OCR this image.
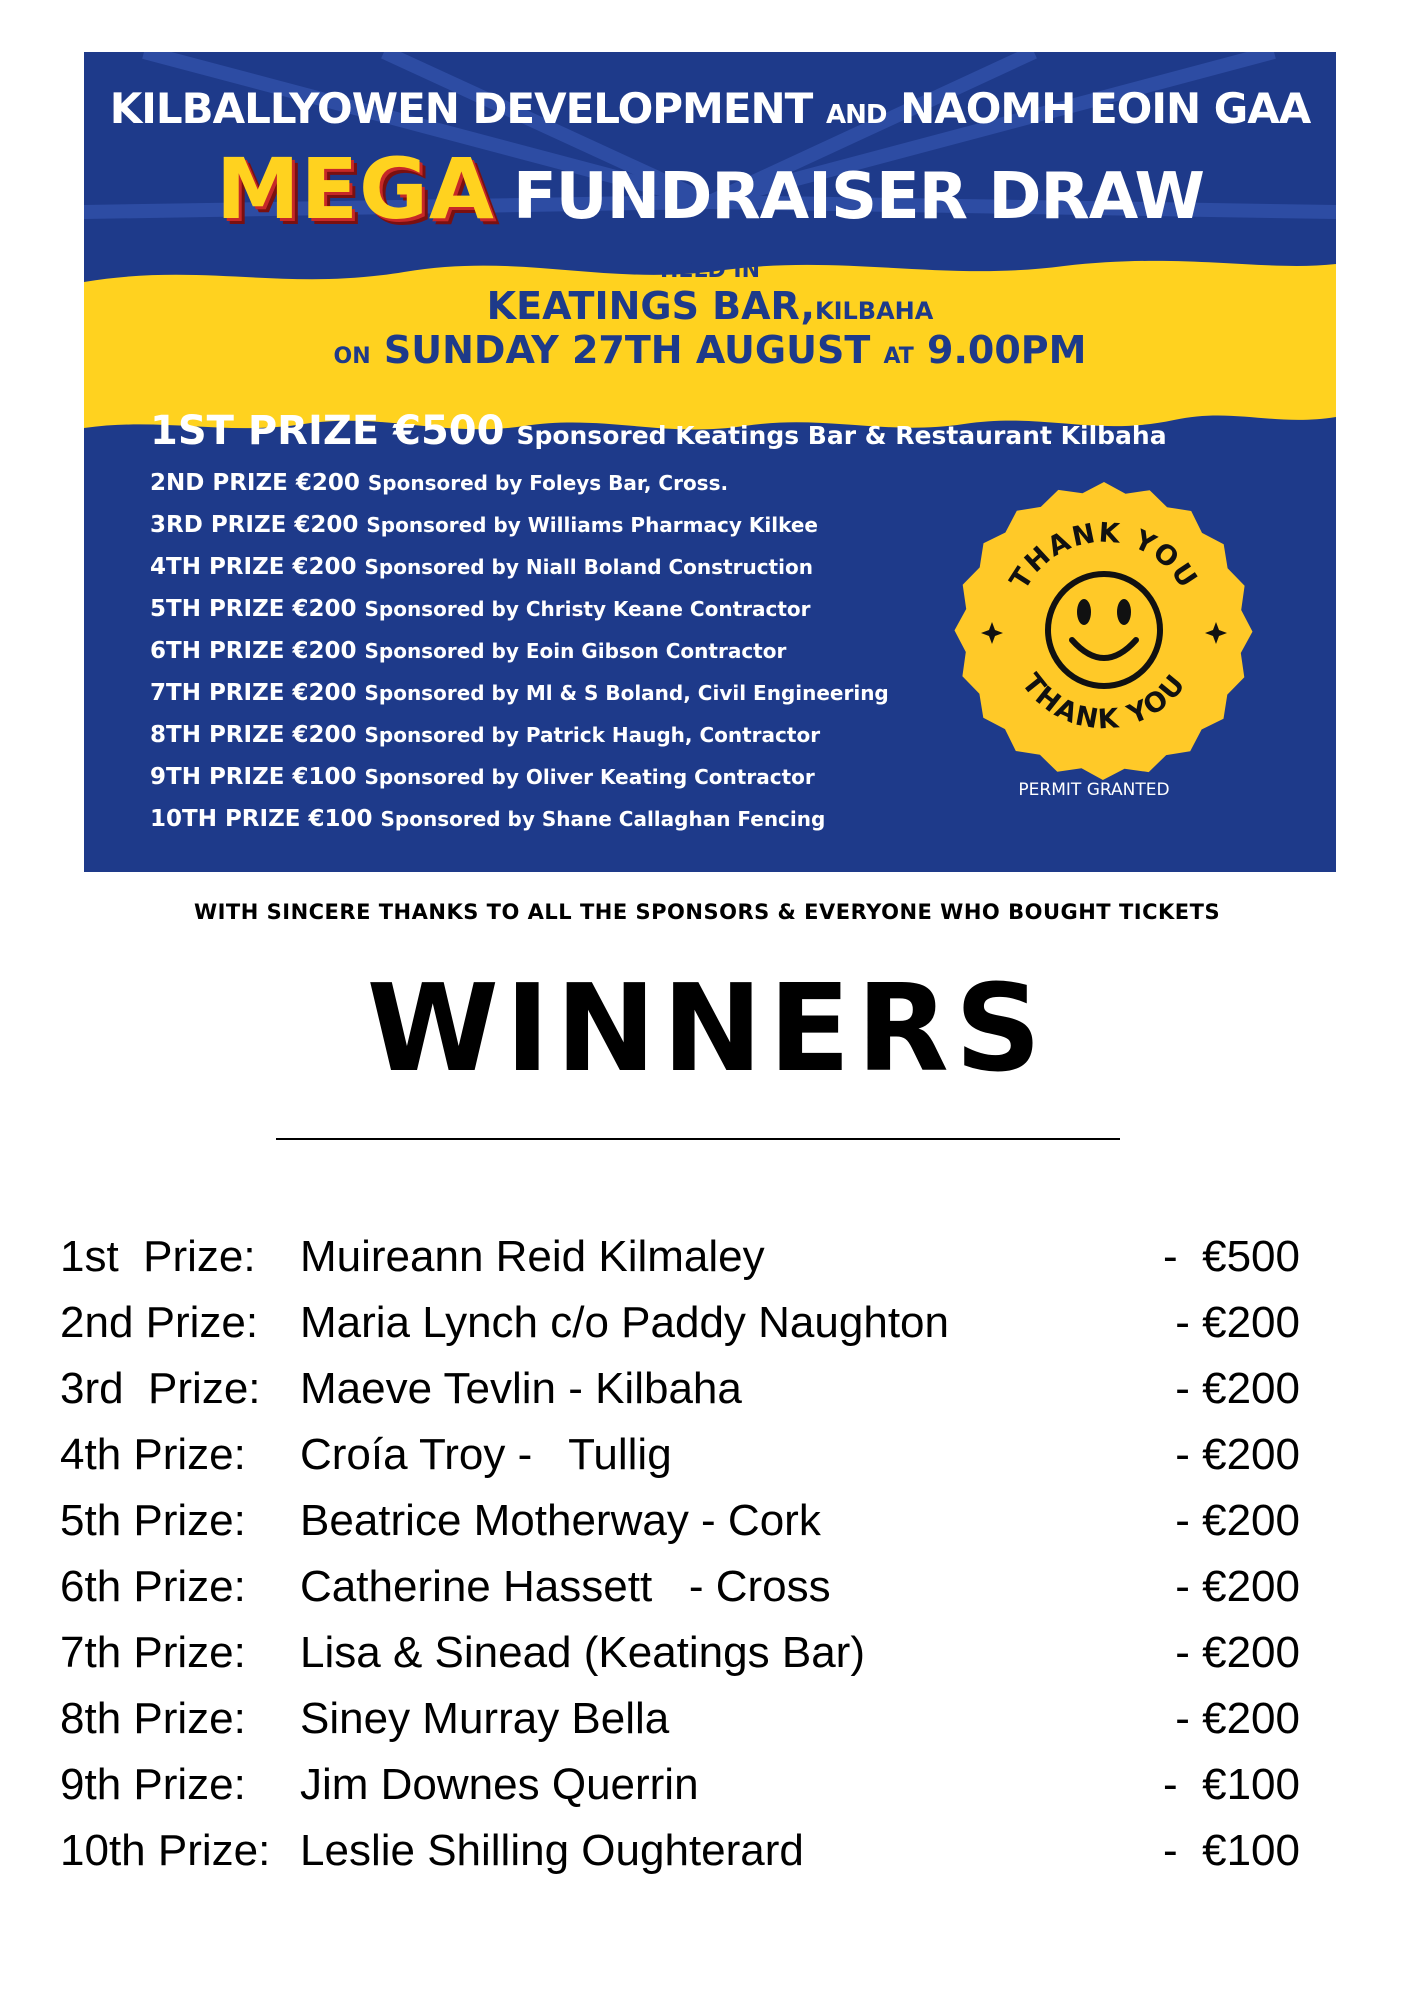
KILBALLYOWEN DEVELOPMENT AND NAOMH EOIN GAA
MEGA FUNDRAISER DRAW
HELD IN
KEATINGS BAR,KILBAHA
ON SUNDAY 27TH AUGUST AT 9.00PM
1ST PRIZE €500 Sponsored Keatings Bar & Restaurant Kilbaha
2ND PRIZE €200 Sponsored by Foleys Bar, Cross.
3RD PRIZE €200 Sponsored by Williams Pharmacy Kilkee
4TH PRIZE €200 Sponsored by Niall Boland Construction
5TH PRIZE €200 Sponsored by Christy Keane Contractor
6TH PRIZE €200 Sponsored by Eoin Gibson Contractor
7TH PRIZE €200 Sponsored by Ml & S Boland, Civil Engineering
8TH PRIZE €200 Sponsored by Patrick Haugh, Contractor
9TH PRIZE €100 Sponsored by Oliver Keating Contractor
10TH PRIZE €100 Sponsored by Shane Callaghan Fencing
THANK YOU
THANK YOU
PERMIT GRANTED
WITH SINCERE THANKS TO ALL THE SPONSORS & EVERYONE WHO BOUGHT TICKETS
WINNERS
1st  Prize: Muireann Reid Kilmaley	-  €500
2nd Prize: Maria Lynch c/o Paddy Naughton	- €200
3rd  Prize: Maeve Tevlin - Kilbaha	- €200
4th Prize: Croía Troy -   Tullig	- €200
5th Prize: Beatrice Motherway - Cork	- €200
6th Prize: Catherine Hassett   - Cross	- €200
7th Prize: Lisa & Sinead (Keatings Bar)	- €200
8th Prize: Siney Murray Bella	- €200
9th Prize: Jim Downes Querrin	-  €100
10th Prize: Leslie Shilling Oughterard	-  €100
